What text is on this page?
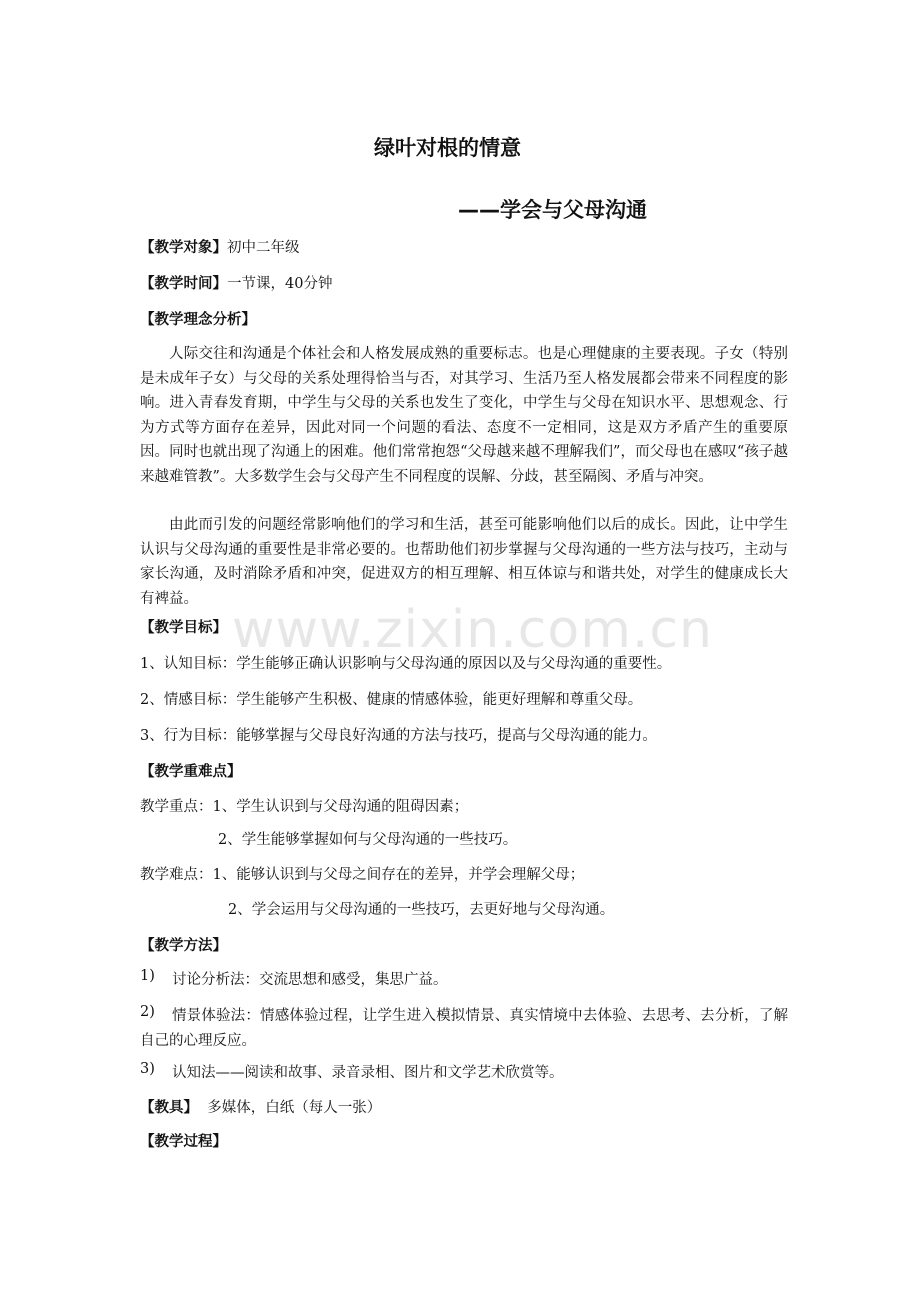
www.zixin.com.cn
绿叶对根的情意
——学会与父母沟通
【教学对象】初中二年级
【教学时间】一节课，40分钟
【教学理念分析】
人际交往和沟通是个体社会和人格发展成熟的重要标志。也是心理健康的主要表现。子女（特别是未成年子女）与父母的关系处理得恰当与否，对其学习、生活乃至人格发展都会带来不同程度的影响。进入青春发育期，中学生与父母的关系也发生了变化，中学生与父母在知识水平、思想观念、行为方式等方面存在差异，因此对同一个问题的看法、态度不一定相同，这是双方矛盾产生的重要原因。同时也就出现了沟通上的困难。他们常常抱怨“父母越来越不理解我们”，而父母也在感叹“孩子越来越难管教”。大多数学生会与父母产生不同程度的误解、分歧，甚至隔阂、矛盾与冲突。
由此而引发的问题经常影响他们的学习和生活，甚至可能影响他们以后的成长。因此，让中学生认识与父母沟通的重要性是非常必要的。也帮助他们初步掌握与父母沟通的一些方法与技巧，主动与家长沟通，及时消除矛盾和冲突，促进双方的相互理解、相互体谅与和谐共处，对学生的健康成长大有裨益。
【教学目标】
1、认知目标：学生能够正确认识影响与父母沟通的原因以及与父母沟通的重要性。
2、情感目标：学生能够产生积极、健康的情感体验，能更好理解和尊重父母。
3、行为目标：能够掌握与父母良好沟通的方法与技巧，提高与父母沟通的能力。
【教学重难点】
教学重点：1、学生认识到与父母沟通的阻碍因素；
2、学生能够掌握如何与父母沟通的一些技巧。
教学难点：1、能够认识到与父母之间存在的差异，并学会理解父母；
2、学会运用与父母沟通的一些技巧，去更好地与父母沟通。
【教学方法】
1) 讨论分析法：交流思想和感受，集思广益。
2)	情景体验法：情感体验过程，让学生进入模拟情景、真实情境中去体验、去思考、去分析，了解自己的心理反应。
3) 认知法——阅读和故事、录音录相、图片和文学艺术欣赏等。
【教具】 多媒体，白纸（每人一张）
【教学过程】
